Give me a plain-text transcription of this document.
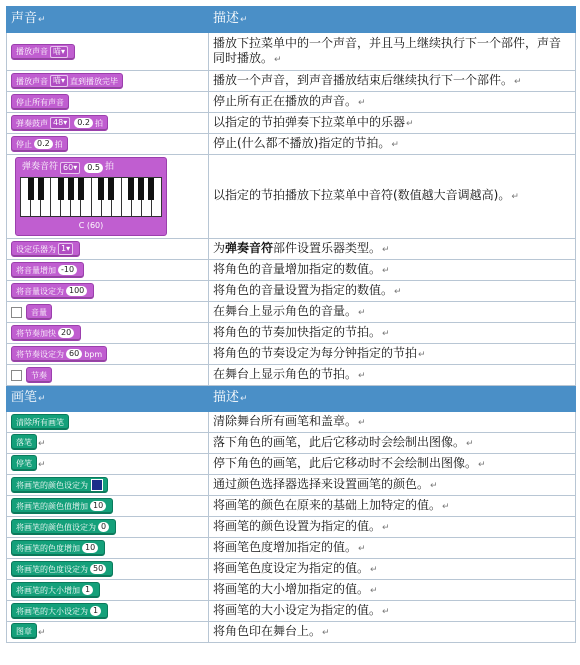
声音↵	描述↵

播放声音 喵▾	播放下拉菜单中的一个声音，并且马上继续执行下一个部件，声音同时播放。↵

播放声音 喵▾ 直到播放完毕	播放一个声音，到声音播放结束后继续执行下一个部件。↵

停止所有声音	停止所有正在播放的声音。↵

弹奏鼓声 48▾ 0.2 拍	以指定的节拍弹奏下拉菜单中的乐器↵

停止 0.2 拍	停止(什么都不播放)指定的节拍。↵

弹奏音符 60▾ 0.5 拍
C (60)	以指定的节拍播放下拉菜单中音符(数值越大音调越高)。↵

设定乐器为 1▾	为弹奏音符部件设置乐器类型。↵

将音量增加 -10	将角色的音量增加指定的数值。↵

将音量设定为 100	将角色的音量设置为指定的数值。↵

音量	在舞台上显示角色的音量。↵

将节奏加快 20	将角色的节奏加快指定的节拍。↵

将节奏设定为 60 bpm	将角色的节奏设定为每分钟指定的节拍↵

节奏	在舞台上显示角色的节拍。↵
画笔↵	描述↵

清除所有画笔	清除舞台所有画笔和盖章。↵

落笔 ↵	落下角色的画笔，此后它移动时会绘制出图像。↵

停笔 ↵	停下角色的画笔，此后它移动时不会绘制出图像。↵

将画笔的颜色设定为	通过颜色选择器选择来设置画笔的颜色。↵

将画笔的颜色值增加 10	将画笔的颜色在原来的基础上加特定的值。↵

将画笔的颜色值设定为 0	将画笔的颜色设置为指定的值。↵

将画笔的色度增加 10	将画笔色度增加指定的值。↵

将画笔的色度设定为 50	将画笔色度设定为指定的值。↵

将画笔的大小增加 1	将画笔的大小增加指定的值。↵

将画笔的大小设定为 1	将画笔的大小设定为指定的值。↵

图章 ↵	将角色印在舞台上。↵
